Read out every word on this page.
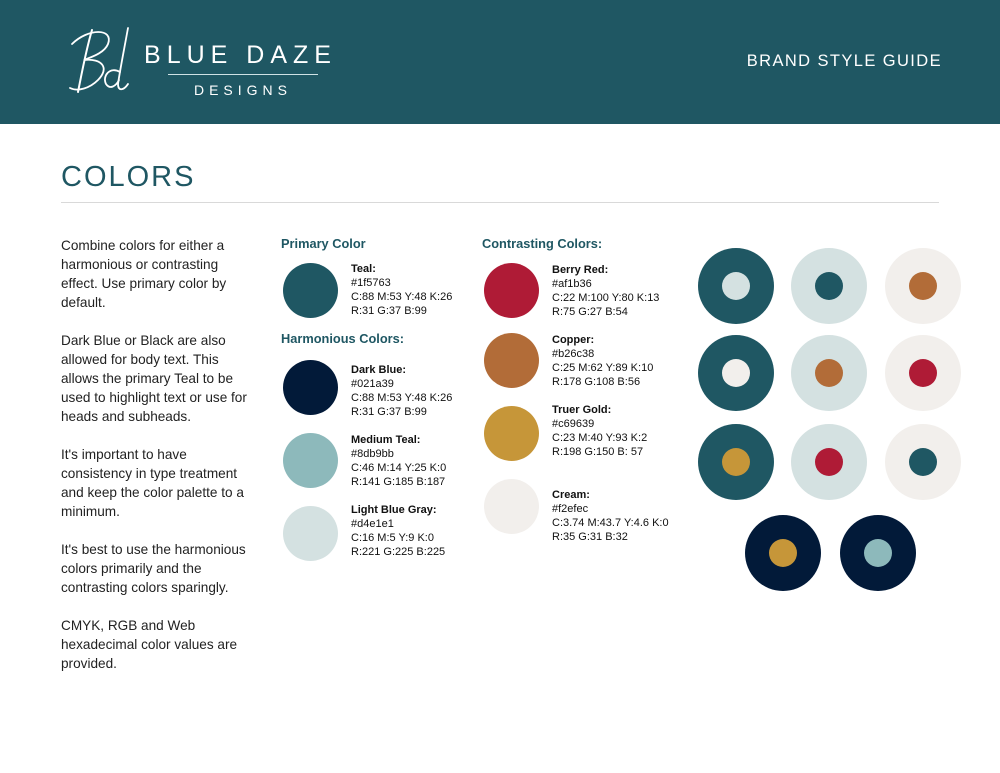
BLUE DAZE
DESIGNS
BRAND STYLE GUIDE
COLORS

Combine colors for either a harmonious or contrasting effect. Use primary color by default.

Dark Blue or Black are also allowed for body text. This allows the primary Teal to be used to highlight text or use for heads and subheads.

It's important to have consistency in type treatment and keep the color palette to a minimum.

It's best to use the harmonious colors primarily and the contrasting colors sparingly.

CMYK, RGB and Web hexadecimal color values are provided.

Primary Color
Teal:
#1f5763
C:88 M:53 Y:48 K:26
R:31 G:37 B:99
Harmonious Colors:
Dark Blue:
#021a39
C:88 M:53 Y:48 K:26
R:31 G:37 B:99
Medium Teal:
#8db9bb
C:46 M:14 Y:25 K:0
R:141 G:185 B:187
Light Blue Gray:
#d4e1e1
C:16 M:5 Y:9 K:0
R:221 G:225 B:225
Contrasting Colors:
Berry Red:
#af1b36
C:22 M:100 Y:80 K:13
R:75 G:27 B:54
Copper:
#b26c38
C:25 M:62 Y:89 K:10
R:178 G:108 B:56
Truer Gold:
#c69639
C:23 M:40 Y:93 K:2
R:198 G:150 B: 57
Cream:
#f2efec
C:3.74 M:43.7 Y:4.6 K:0
R:35 G:31 B:32
